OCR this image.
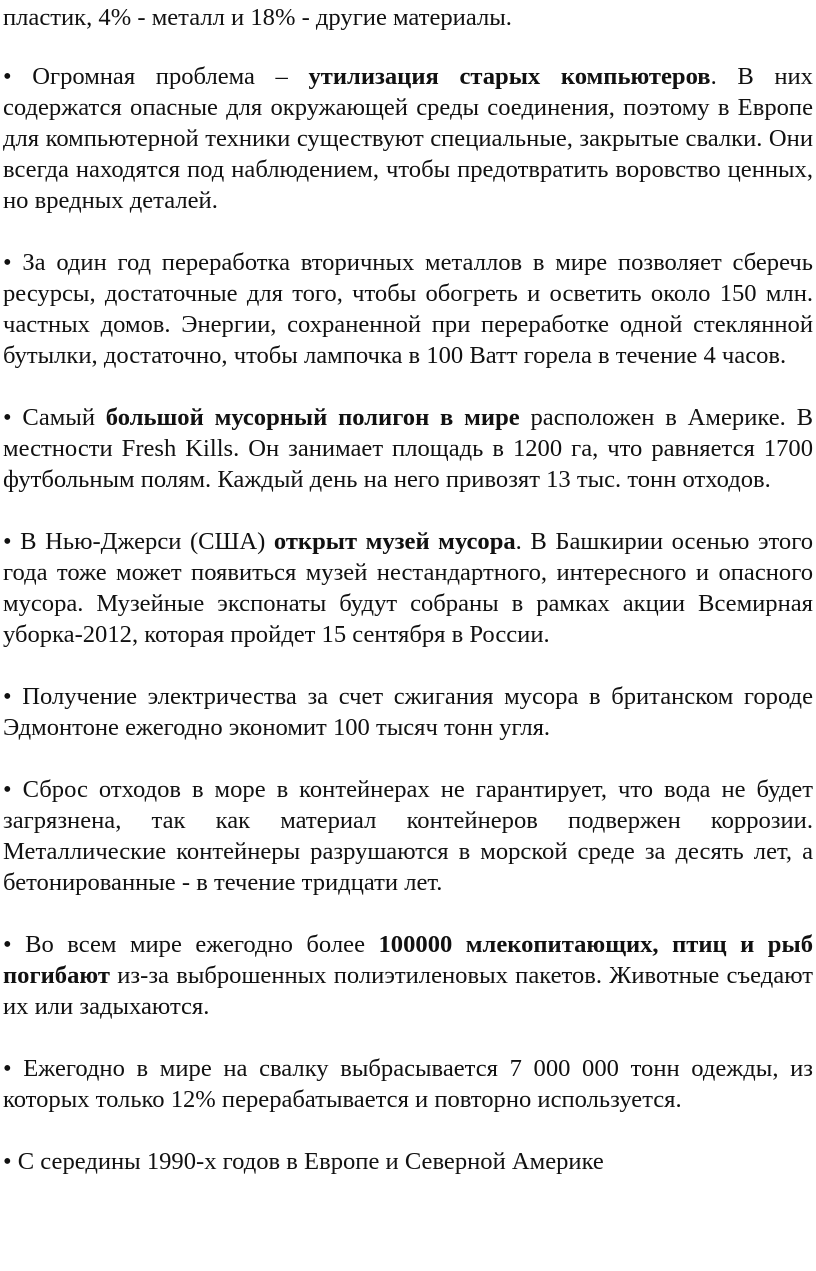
пластик, 4% - металл и 18% - другие материалы.

• Огромная проблема – утилизация старых компьютеров. В них содержатся опасные для окружающей среды соединения, поэтому в Европе для компьютерной техники существуют специальные, закрытые свалки. Они всегда находятся под наблюдением, чтобы предотвратить воровство ценных, но вредных деталей.

• За один год переработка вторичных металлов в мире позволяет сберечь ресурсы, достаточные для того, чтобы обогреть и осветить около 150 млн. частных домов. Энергии, сохраненной при переработке одной стеклянной бутылки, достаточно, чтобы лампочка в 100 Ватт горела в течение 4 часов.

• Самый большой мусорный полигон в мире расположен в Америке. В местности Fresh Kills. Он занимает площадь в 1200 га, что равняется 1700 футбольным полям. Каждый день на него привозят 13 тыс. тонн отходов.

• В Нью-Джерси (США) открыт музей мусора. В Башкирии осенью этого года тоже может появиться музей нестандартного, интересного и опасного мусора. Музейные экспонаты будут собраны в рамках акции Всемирная уборка-2012, которая пройдет 15 сентября в России.

• Получение электричества за счет сжигания мусора в британском городе Эдмонтоне ежегодно экономит 100 тысяч тонн угля.

• Сброс отходов в море в контейнерах не гарантирует, что вода не будет загрязнена, так как материал контейнеров подвержен коррозии. Металлические контейнеры разрушаются в морской среде за десять лет, а бетонированные - в течение тридцати лет.

• Во всем мире ежегодно более 100000 млекопитающих, птиц и рыб погибают из-за выброшенных полиэтиленовых пакетов. Животные съедают их или задыхаются.

• Ежегодно в мире на свалку выбрасывается 7 000 000 тонн одежды, из которых только 12% перерабатывается и повторно используется.

• С середины 1990-х годов в Европе и Северной Америке
